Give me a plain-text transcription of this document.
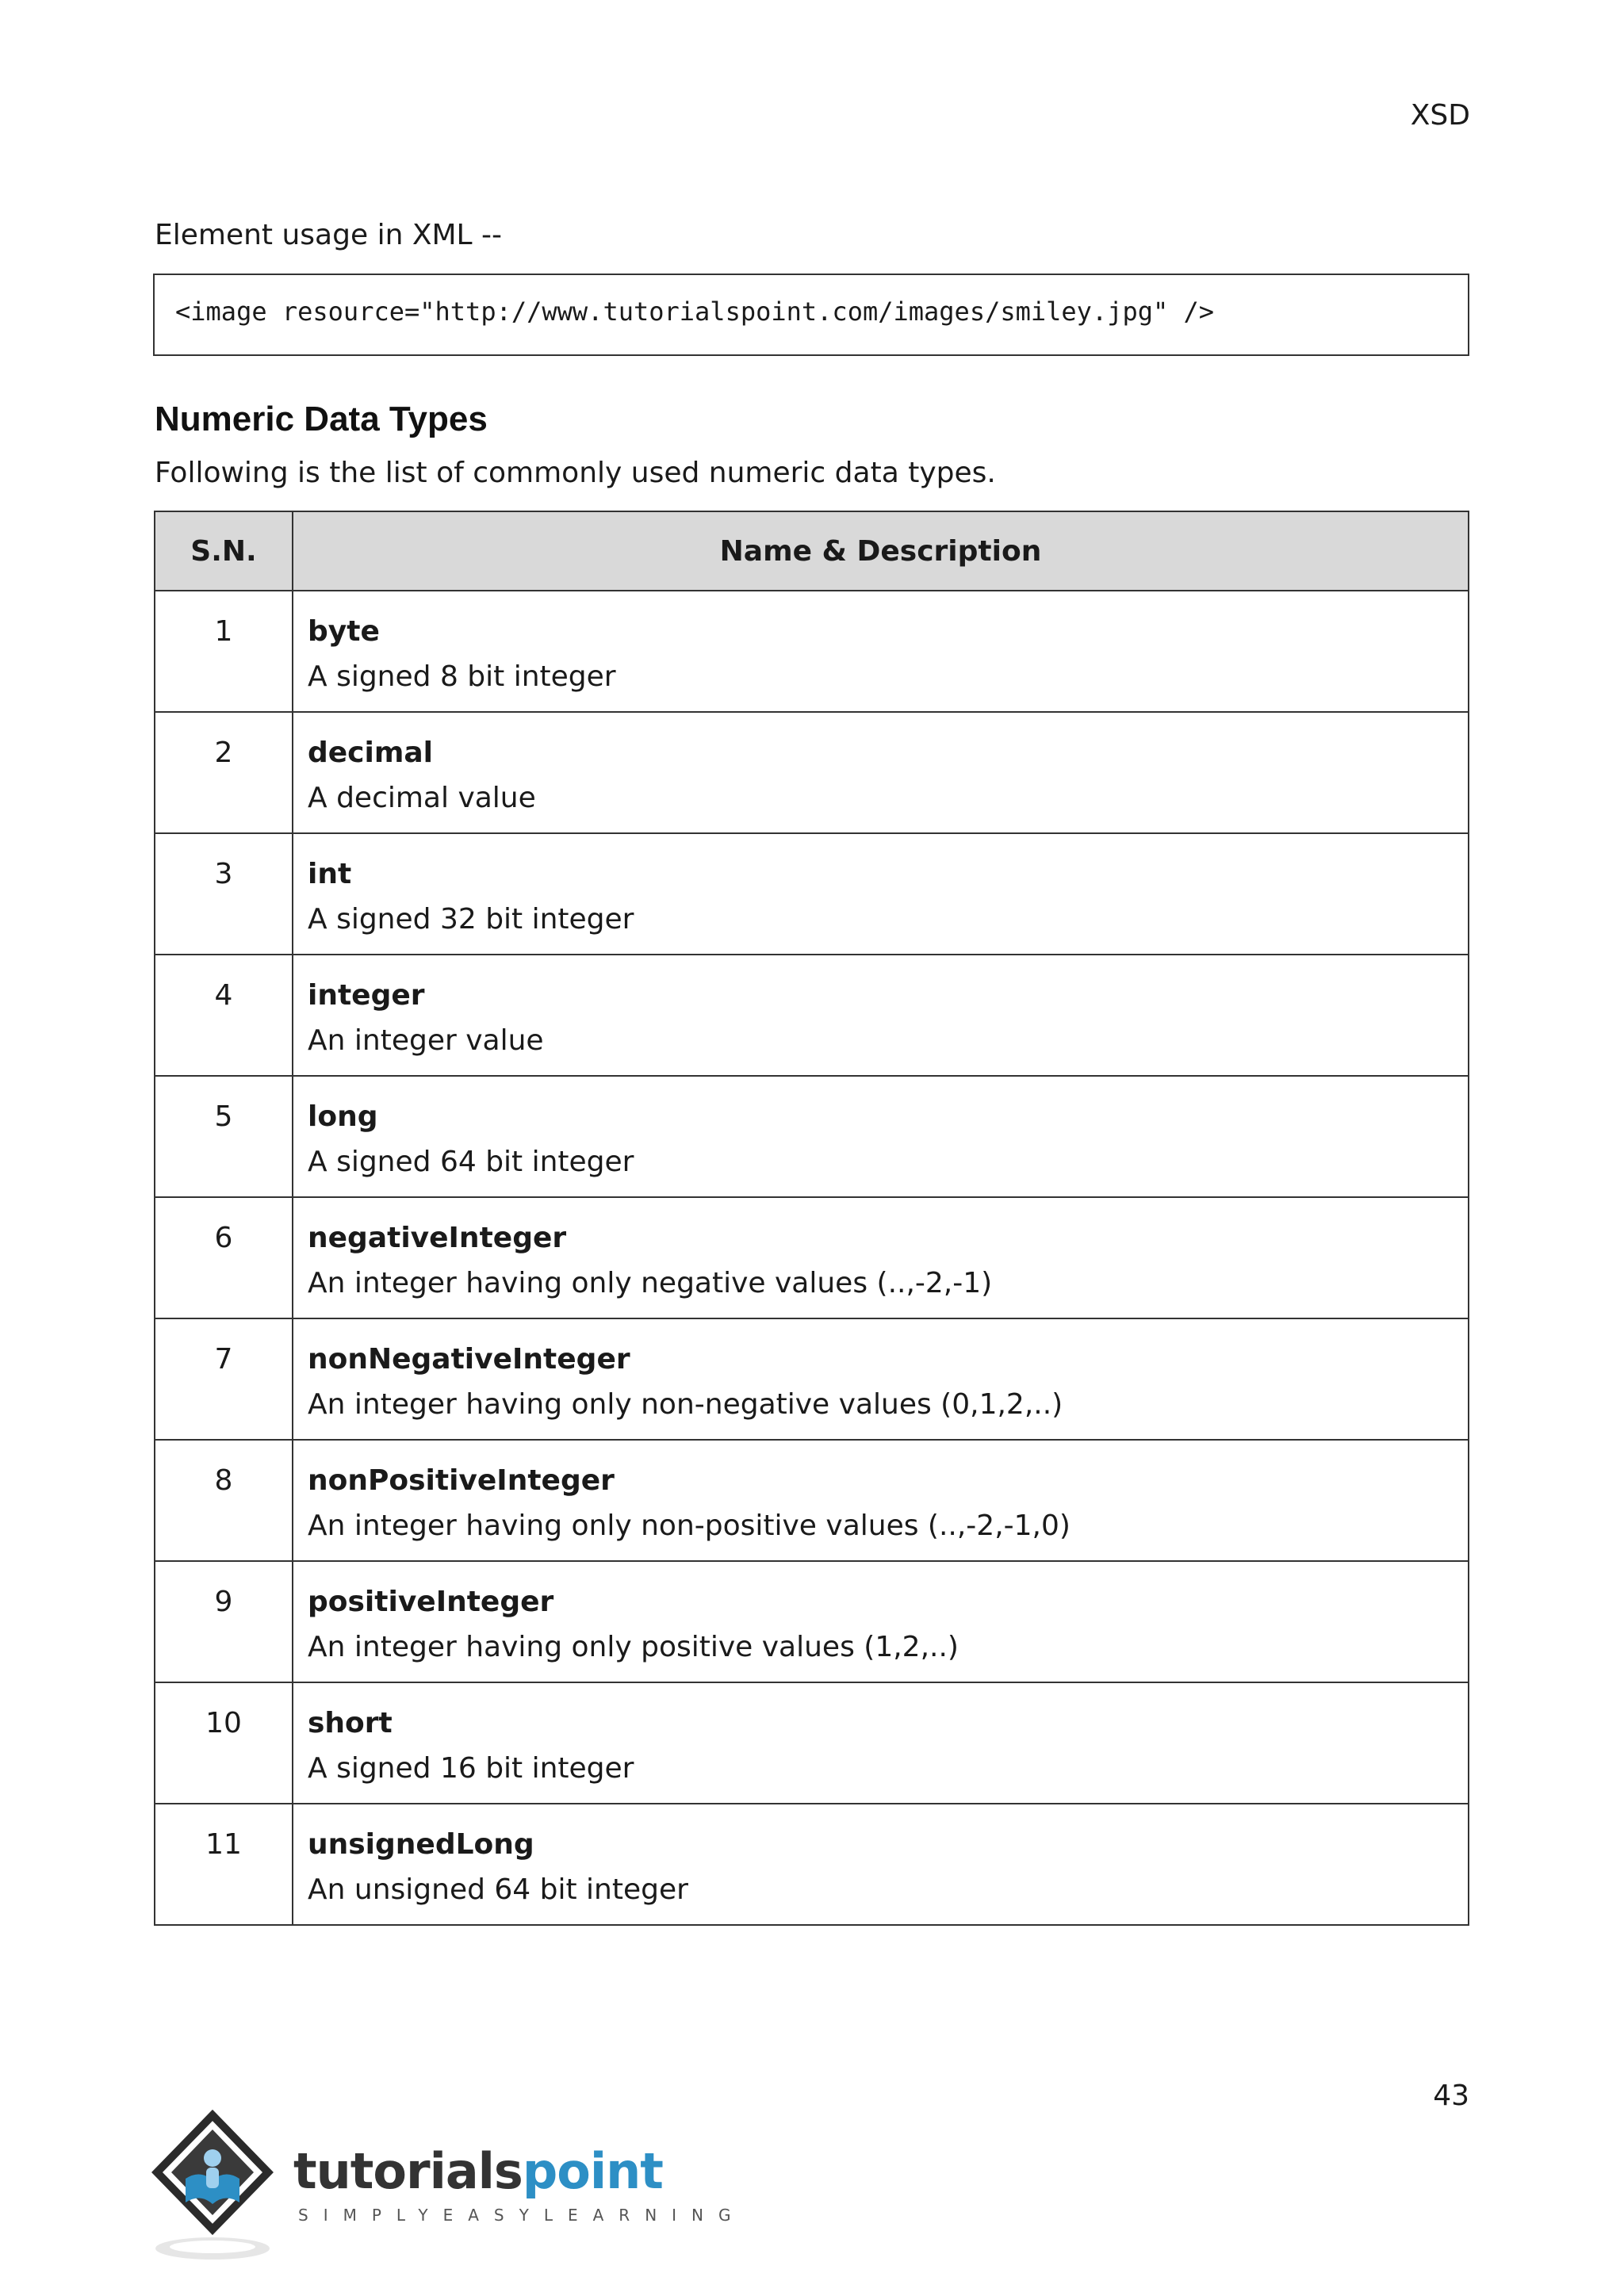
XSD
Element usage in XML --
<image resource="http://www.tutorialspoint.com/images/smiley.jpg" />
Numeric Data Types
Following is the list of commonly used numeric data types.
S.N.	Name & Description
1	byte
A signed 8 bit integer

2	decimal
A decimal value

3	int
A signed 32 bit integer

4	integer
An integer value

5	long
A signed 64 bit integer

6	negativeInteger
An integer having only negative values (..,-2,-1)

7	nonNegativeInteger
An integer having only non-negative values (0,1,2,..)

8	nonPositiveInteger
An integer having only non-positive values (..,-2,-1,0)

9	positiveInteger
An integer having only positive values (1,2,..)

10	short
A signed 16 bit integer

11	unsignedLong
An unsigned 64 bit integer
43
tutorialspoint
SIMPLYEASYLEARNING
